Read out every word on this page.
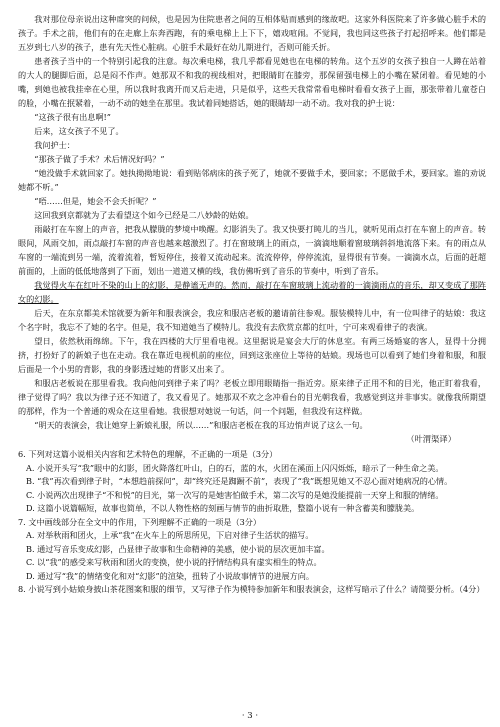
我对那位母亲说出这种席突的问候，也是因为住院患者之间的互相体贴而感到的缘故吧。这家外科医院来了许多做心脏手术的孩子。手术之前，他们有的在走廊上东奔西跑，有的乘电梯上上下下，嬉戏喧闹。不觉间，我也同这些孩子打起招呼来。他们都是五岁到七八岁的孩子，患有先天性心脏病。心脏手术最好在幼儿期进行，否则可能夭折。

患者孩子当中的一个特别引起我的注意。每次乘电梯，我几乎都看见她也在电梯的转角。这个五岁的女孩子独自一人蹲在站着的大人的腿脚后面，总是闷不作声。她那双不和我的视线相对，把眼睛盯在膝旁，那保留强电梯上的小嘴在紧闭着。看见她的小嘴，到她也被我挂牵在心里，所以我时我离开而又后走进，只是似乎，这些天我常常看电梯时看看女孩子上面，那张带着儿童苍白的脸，小嘴在抿紧着，一动不动的她坐在那里。我试着同她搭话，她的眼睛却一动不动。我对我的护士说：

“这孩子很有出息啊!”

后来，这女孩子不见了。

我问护士：

“那孩子做了手术？术后情况好吗？”

“她没做手术就回家了。她执拗拗地说：看到贴邻病床的孩子死了，她就不要做手术，要回家；不愿做手术，要回家。谁的劝说她都不听。”

“唔……但是，她会不会夭折呢？”

这回我到京都就为了去看望这个如今已经是二八妙龄的姑娘。

雨敲打在车窗上的声音，把我从朦胧的梦境中唤醒。幻影消失了。我又快要打盹儿的当儿，就听见雨点打在车窗上的声音。转眼间，风雨交加，雨点敲打车窗的声音也越来越激烈了。打在窗玻璃上的雨点，一滴滴地顺着窗玻璃斜斜地流落下来。有的雨点从车窗的一端流到另一端，流着流着，暂短停住，接着又流动起来。流流停停，停停流流，显得很有节奏。一滴滴水点，后面的赶超前面的，上面的低低地落到了下面，划出一道道又横的线，我仿佛听到了音乐的节奏中，听到了音乐。

我觉得火车在红叶不染的山上的幻影，是静谧无声的。然而，敲打在车窗玻璃上流动着的一滴滴雨点的音乐，却又变成了那阵女的幻影。

后天，在东京都美术馆就要为新年和服表演会，我应和服店老板的邀请前往参观。服装模特儿中，有一位叫律子的姑娘：我这个名字时，我忘不了她的名字。但是，我不知道她当了模特儿。我没有去欣赏京都的红叶，宁可来观看律子的表演。

望日，依然秋雨绵绵。下午，我在四楼的大厅里看电视。这里据说是宴会大厅的休息室。有两三场婚宴的客人，显得十分拥挤，打扮好了的新娘子也在走动。我在靠近电视机前的座位，回到这张座位上等待的姑娘。现场也可以看到了她们身着和服，和服后面是一个小男的背影，我的身影透过她的背影又出来了。

和服店老板说在那里看我。我向他问到律子来了吗？老板立即用眼睛指一指近旁。原来律子正用不和的目光，他正盯着我看，律子觉得了吗？我以为律子还不知道了，我又看见了。她那双不欢之念冲看台的目光朝我看，我感觉到这并非事实。就像我所期望的那样，作为一个普通的观众在这里看她。我很想对她说一句话，问一个问题，但我没有这样做。

“明天的表演会，我让她穿上新娘礼服，所以……”和服店老板在我的耳边悄声说了这么一句。

（叶渭渠译）

6. 下列对这篇小说相关内容和艺术特色的理解，不正确的一项是（3分）

A. 小说开头写“我”眼中的幻影，团火降落红叶山，白的石，蓝的水，火团在溪面上闪闪烁烁，暗示了一种生命之美。

B. “我”再次看到律子时，“本想趋前探问”，却“终究还是踟蹰不前”，表现了“我”既想见她又不忍心面对她病况的心情。

C. 小说两次出现律子“不和悦”的目光，第一次写的是她害怕做手术，第二次写的是她没能提前一天穿上和服的情绪。

D. 这篇小说篇幅短，故事也简单，不以人物性格的刻画与情节的曲折取胜，整篇小说有一种含蓄美和朦胧美。

7. 文中画线部分在全文中的作用，下列理解不正确的一项是（3分）

A. 对举秋雨和团火，上承“我”在火车上的所思所见，下启对律子生活状的描写。

B. 通过写音乐变成幻影，凸显律子故事和生命精神的美感，使小说的层次更加丰富。

C. 以“我”的感受来写秋雨和团火的变换，使小说的抒情结构具有虚实相生的特点。

D. 通过写“我”的情绪变化和对“幻影”的渲染，扭转了小说故事情节的进展方向。

8. 小说写到小姑娘身披山茶花图案和服的细节，又写律子作为模特参加新年和服表演会，这样写暗示了什么？请简要分析。（4分）

· 3 ·
